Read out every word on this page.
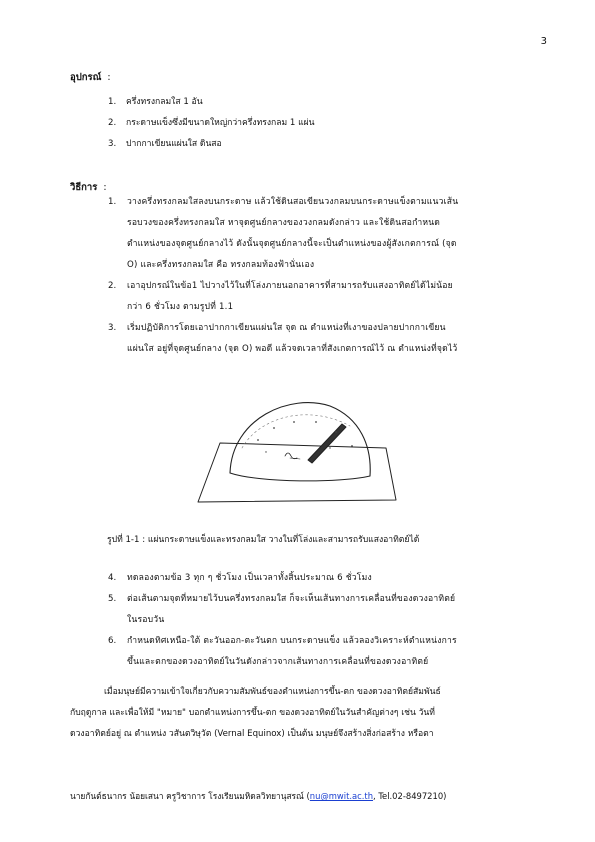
3
อุปกรณ์ :
1. ครึ่งทรงกลมใส 1 อัน
2. กระดาษแข็งซึ่งมีขนาดใหญ่กว่าครึ่งทรงกลม 1 แผ่น
3. ปากกาเขียนแผ่นใส ดินสอ
วิธีการ :
1.	วางครึ่งทรงกลมใสลงบนกระดาษ แล้วใช้ดินสอเขียนวงกลมบนกระดาษแข็งตามแนวเส้น
รอบวงของครึ่งทรงกลมใส หาจุดศูนย์กลางของวงกลมดังกล่าว และใช้ดินสอกำหนด
ตำแหน่งของจุดศูนย์กลางไว้ ดังนั้นจุดศูนย์กลางนี้จะเป็นตำแหน่งของผู้สังเกตการณ์ (จุด
O) และครึ่งทรงกลมใส คือ ทรงกลมท้องฟ้านั่นเอง
2.	เอาอุปกรณ์ในข้อ1 ไปวางไว้ในที่โล่งภายนอกอาคารที่สามารถรับแสงอาทิตย์ได้ไม่น้อย
กว่า 6 ชั่วโมง ตามรูปที่ 1.1
3.	เริ่มปฏิบัติการโดยเอาปากกาเขียนแผ่นใส จุด ณ ตำแหน่งที่เงาของปลายปากกาเขียน
แผ่นใส อยู่ที่จุดศูนย์กลาง (จุด O) พอดี แล้วจดเวลาที่สังเกตการณ์ไว้ ณ ตำแหน่งที่จุดไว้
รูปที่ 1-1 : แผ่นกระดาษแข็งและทรงกลมใส วางในที่โล่งและสามารถรับแสงอาทิตย์ได้
4.	ทดลองตามข้อ 3 ทุก ๆ ชั่วโมง เป็นเวลาทั้งสิ้นประมาณ 6 ชั่วโมง
5.	ต่อเส้นตามจุดที่หมายไว้บนครึ่งทรงกลมใส ก็จะเห็นเส้นทางการเคลื่อนที่ของดวงอาทิตย์
ในรอบวัน
6.	กำหนดทิศเหนือ-ใต้ ตะวันออก-ตะวันตก บนกระดาษแข็ง แล้วลองวิเคราะห์ตำแหน่งการ
ขึ้นและตกของดวงอาทิตย์ในวันดังกล่าวจากเส้นทางการเคลื่อนที่ของดวงอาทิตย์
เมื่อมนุษย์มีความเข้าใจเกี่ยวกับความสัมพันธ์ของตำแหน่งการขึ้น-ตก ของดวงอาทิตย์สัมพันธ์
กับฤดูกาล และเพื่อให้มี "หมาย" บอกตำแหน่งการขึ้น-ตก ของดวงอาทิตย์ในวันสำคัญต่างๆ เช่น วันที่
ดวงอาทิตย์อยู่ ณ ตำแหน่ง วสันตวิษุวัต (Vernal Equinox) เป็นต้น มนุษย์จึงสร้างสิ่งก่อสร้าง หรือตา
นายกันต์ธนากร น้อยเสนา ครูวิชาการ โรงเรียนมหิดลวิทยานุสรณ์ (nu@mwit.ac.th, Tel.02-8497210)
